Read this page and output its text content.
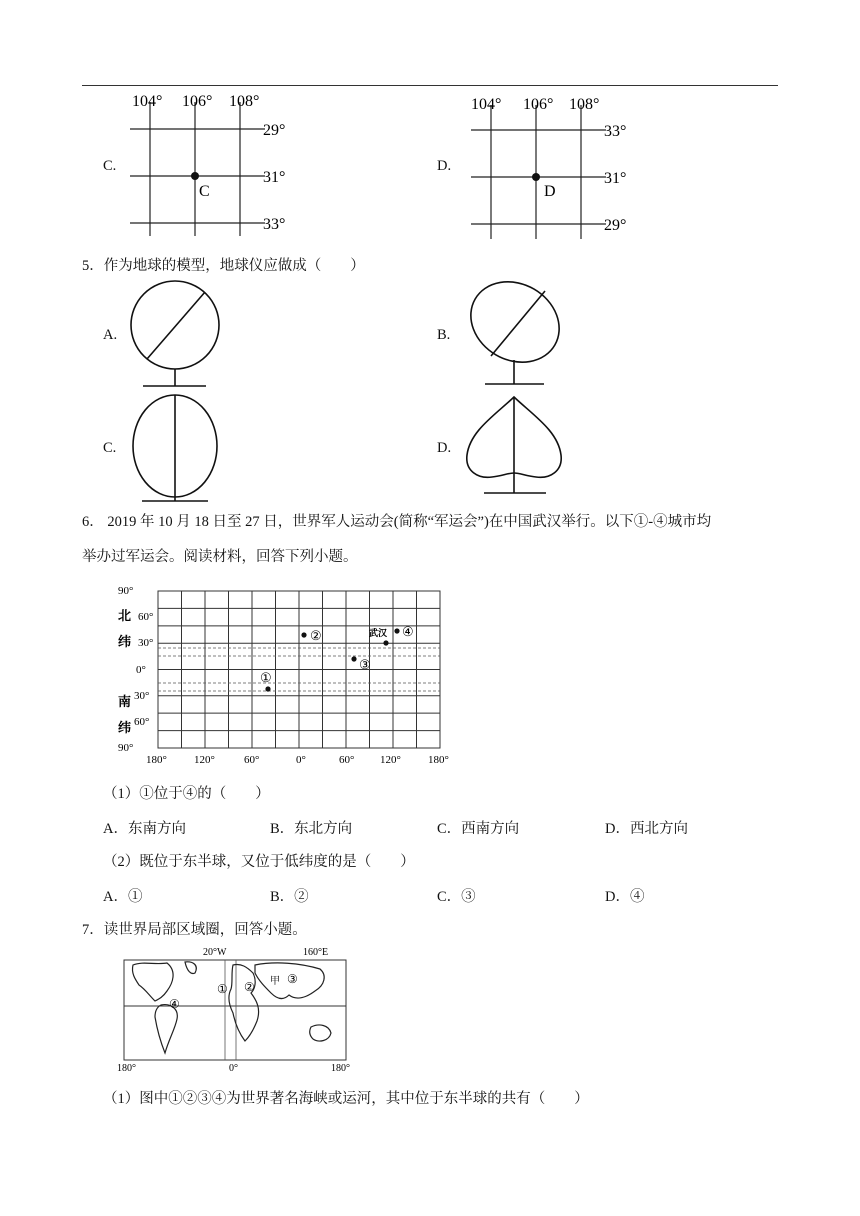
C.
104° 106° 108°
29°
31°
33°
C
D.
104° 106° 108°
33°
31°
29°
D
5．作为地球的模型，地球仪应做成（　　）
A.	B.
C.	D.
6． 2019 年 10 月 18 日至 27 日，世界军人运动会(简称“军运会”)在中国武汉举行。以下①-④城市均
举办过军运会。阅读材料，回答下列小题。
90°
60°
30°
0°
30°
60°
90°
北
纬
南
纬
180° 120°	60°	0°	60° 120° 180°
①
②
③
武汉 ④
（1）①位于④的（　　）
A．东南方向	B．东北方向	C．西南方向	D．西北方向
（2）既位于东半球，又位于低纬度的是（　　）
A．①	B．②	C．③	D．④
7．读世界局部区域圈，回答小题。
20°W	160°E
180°	0°	180°
① ②
③
甲
④
（1）图中①②③④为世界著名海峡或运河，其中位于东半球的共有（　　）
